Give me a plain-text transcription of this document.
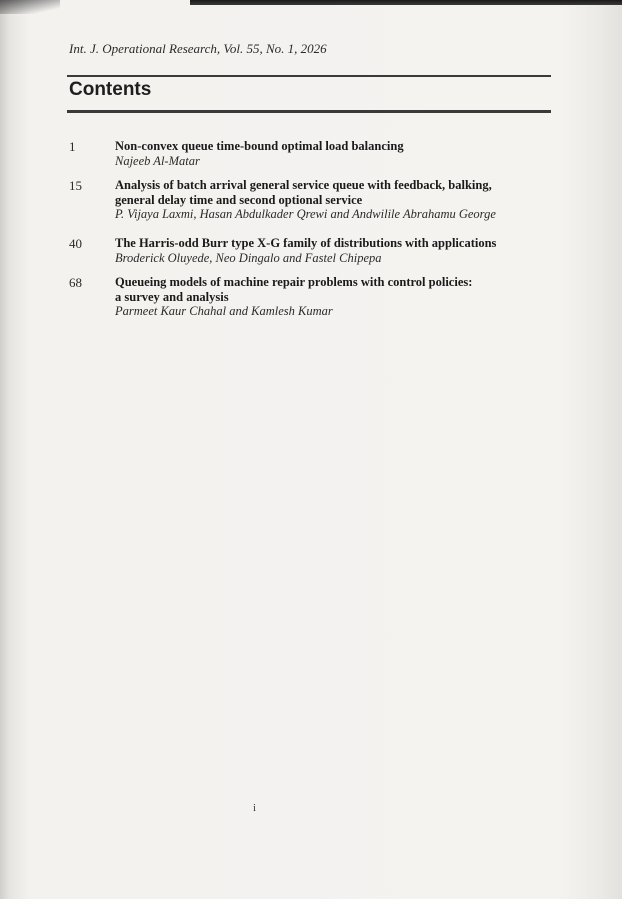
Int. J. Operational Research, Vol. 55, No. 1, 2026
Contents
1	Non-convex queue time-bound optimal load balancing
Najeeb Al-Matar
15	Analysis of batch arrival general service queue with feedback, balking,
general delay time and second optional service
P. Vijaya Laxmi, Hasan Abdulkader Qrewi and Andwilile Abrahamu George
40	The Harris-odd Burr type X-G family of distributions with applications
Broderick Oluyede, Neo Dingalo and Fastel Chipepa
68	Queueing models of machine repair problems with control policies:
a survey and analysis
Parmeet Kaur Chahal and Kamlesh Kumar
i
